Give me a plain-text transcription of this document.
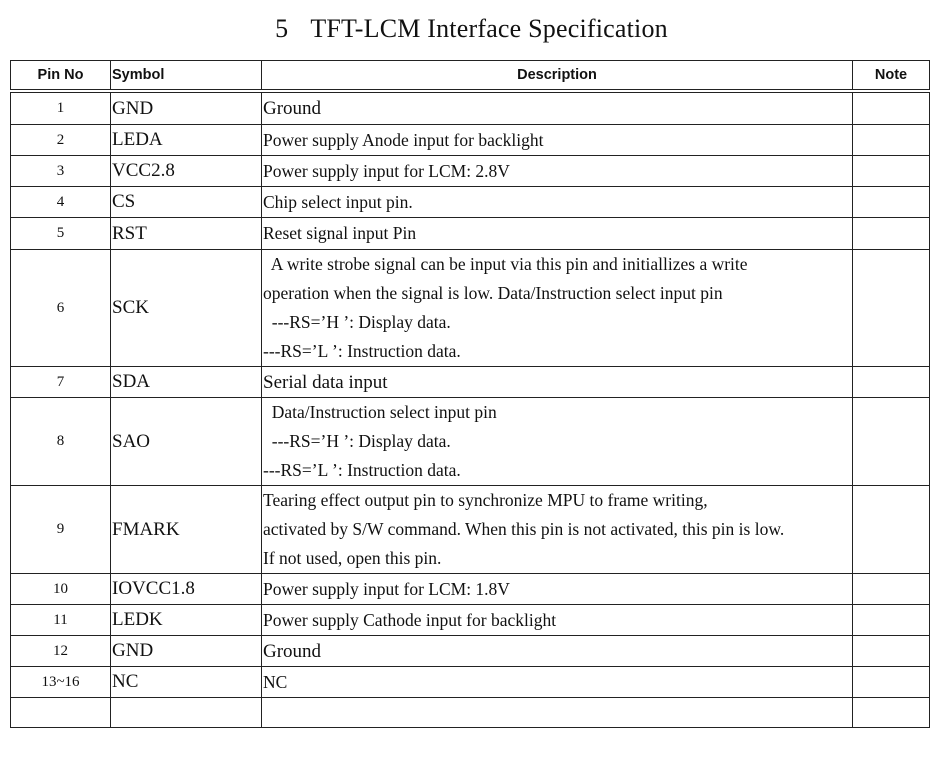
5 TFT-LCM Interface Specification
Pin No	Symbol	Description	Note
1	GND	Ground	

2	LEDA	Power supply Anode input for backlight	

3	VCC2.8	Power supply input for LCM: 2.8V	

4	CS	Chip select input pin.	

5	RST	Reset signal input Pin	

6	SCK	A write strobe signal can be input via this pin and initiallizes a write
operation when the signal is low. Data/Instruction select input pin
---RS=’H ’: Display data.
---RS=’L ’: Instruction data.	

7	SDA	Serial data input	

8	SAO	Data/Instruction select input pin
---RS=’H ’: Display data.
---RS=’L ’: Instruction data.	

9	FMARK	Tearing effect output pin to synchronize MPU to frame writing,
activated by S/W command. When this pin is not activated, this pin is low.
If not used, open this pin.	

10	IOVCC1.8	Power supply input for LCM: 1.8V	

11	LEDK	Power supply Cathode input for backlight	

12	GND	Ground	

13~16	NC	NC	
